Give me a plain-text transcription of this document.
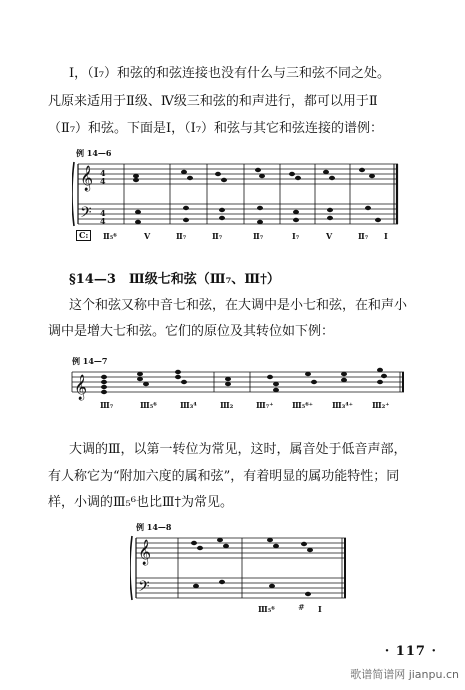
Ⅰ，（Ⅰ₇）和弦的和弦连接也没有什么与三和弦不同之处。
凡原来适用于Ⅱ级、Ⅳ级三和弦的和声进行，都可以用于Ⅱ
（Ⅱ₇）和弦。下面是Ⅰ，（Ⅰ₇）和弦与其它和弦连接的谱例：
例 14—6
𝄞
𝄢
4
4
4
4
C:	Ⅱ₅⁶	Ⅴ	Ⅱ₇	Ⅱ₇	Ⅱ₇	Ⅰ₇	Ⅴ	Ⅱ₇ Ⅰ
§14—3　Ⅲ级七和弦（Ⅲ₇、Ⅲ†）
这个和弦又称中音七和弦，在大调中是小七和弦，在和声小
调中是增大七和弦。它们的原位及其转位如下例：
例 14—7
𝄞
Ⅲ₇	Ⅲ₅⁶	Ⅲ₃⁴	Ⅲ₂	Ⅲ₇⁺ Ⅲ₅⁶⁺ Ⅲ₃⁴⁺ Ⅲ₂⁺
大调的Ⅲ，以第一转位为常见，这时，属音处于低音声部，
有人称它为“附加六度的属和弦”，有着明显的属功能特性；同
样，小调的Ⅲ₅⁶也比Ⅲ†为常见。
例 14—8
𝄞
𝄢
#
Ⅲ₅⁶	Ⅰ
· 117 ·
歌谱简谱网 jianpu.cn
